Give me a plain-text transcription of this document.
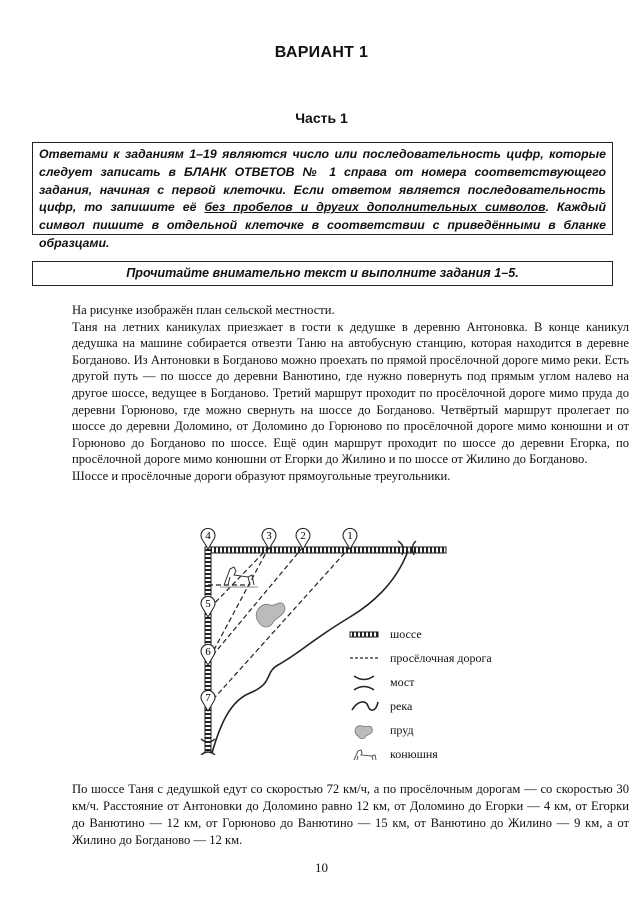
ВАРИАНТ 1
Часть 1
Ответами к заданиям 1–19 являются число или последовательность цифр, которые следует записать в БЛАНК ОТВЕТОВ № 1 справа от номера соответствующего задания, начиная с первой клеточки. Если ответом является последовательность цифр, то запишите её без пробелов и других дополнительных символов. Каждый символ пишите в отдельной клеточке в соответствии с приведёнными в бланке образцами.
Прочитайте внимательно текст и выполните задания 1–5.

На рисунке изображён план сельской местности.

Таня на летних каникулах приезжает в гости к дедушке в деревню Антоновка. В конце каникул дедушка на машине собирается отвезти Таню на автобусную станцию, которая находится в деревне Богданово. Из Антоновки в Богданово можно проехать по прямой просёлочной дороге мимо реки. Есть другой путь — по шоссе до деревни Ванютино, где нужно повернуть под прямым углом налево на другое шоссе, ведущее в Богданово. Третий маршрут проходит по просёлочной дороге мимо пруда до деревни Горюново, где можно свернуть на шоссе до Богданово. Четвёртый маршрут пролегает по шоссе до деревни Доломино, от Доломино до Горюново по просёлочной дороге мимо конюшни и от Горюново до Богданово по шоссе. Ещё один маршрут проходит по шоссе до деревни Егорка, по просёлочной дороге мимо конюшни от Егорки до Жилино и по шоссе от Жилино до Богданово.

Шоссе и просёлочные дороги образуют прямоугольные треугольники.

4	3	2	1
5
6
7
шоссе
просёлочная дорога
мост
река
пруд
конюшня
По шоссе Таня с дедушкой едут со скоростью 72 км/ч, а по просёлочным дорогам — со скоростью 30 км/ч. Расстояние от Антоновки до Доломино равно 12 км, от Доломино до Егорки — 4 км, от Егорки до Ванютино — 12 км, от Горюново до Ванютино — 15 км, от Ванютино до Жилино — 9 км, а от Жилино до Богданово — 12 км.
10
